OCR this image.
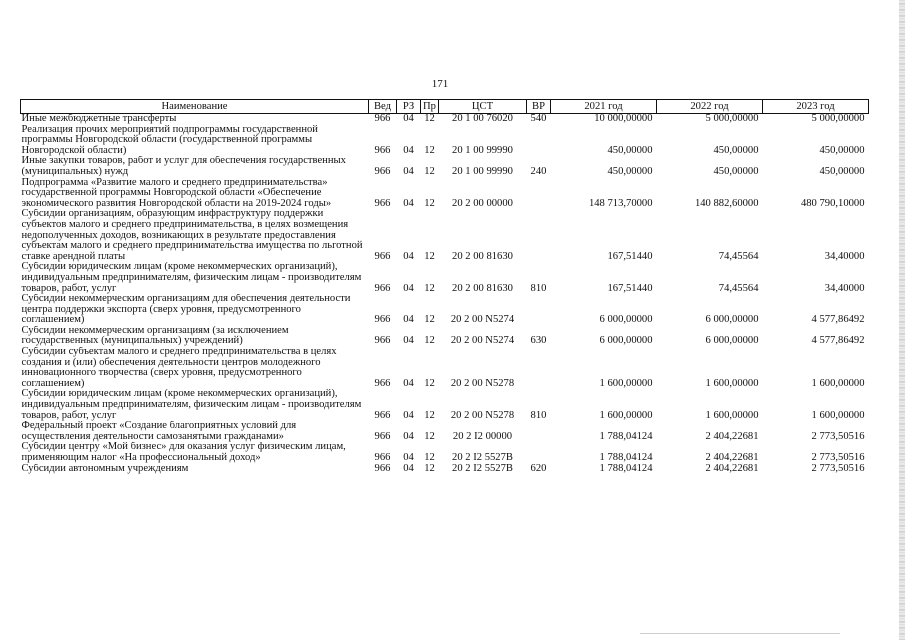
171
Наименование	Вед	РЗ	Пр	ЦСТ	ВР	2021 год	2022 год	2023 год
Иные межбюджетные трансферты	966	04	12	20 1 00 76020	540	10 000,00000	5 000,00000	5 000,00000
Реализация прочих мероприятий подпрограммы государственной программы Новгородской области (государственной программы Новгородской области)	966	04	12	20 1 00 99990		450,00000	450,00000	450,00000
Иные закупки товаров, работ и услуг для обеспечения государственных (муниципальных) нужд	966	04	12	20 1 00 99990	240	450,00000	450,00000	450,00000
Подпрограмма «Развитие малого и среднего предпринимательства» государственной программы Новгородской области «Обеспечение экономического развития Новгородской области на 2019-2024 годы»	966	04	12	20 2 00 00000		148 713,70000	140 882,60000	480 790,10000
Субсидии организациям, образующим инфраструктуру поддержки субъектов малого и среднего предпринимательства, в целях возмещения недополученных доходов, возникающих в результате предоставления субъектам малого и среднего предпринимательства имущества по льготной ставке арендной платы	966	04	12	20 2 00 81630		167,51440	74,45564	34,40000
Субсидии юридическим лицам (кроме некоммерческих организаций), индивидуальным предпринимателям, физическим лицам - производителям товаров, работ, услуг	966	04	12	20 2 00 81630	810	167,51440	74,45564	34,40000
Субсидии некоммерческим организациям для обеспечения деятельности центра поддержки экспорта (сверх уровня, предусмотренного соглашением)	966	04	12	20 2 00 N5274		6 000,00000	6 000,00000	4 577,86492
Субсидии некоммерческим организациям (за исключением государственных (муниципальных) учреждений)	966	04	12	20 2 00 N5274	630	6 000,00000	6 000,00000	4 577,86492
Субсидии субъектам малого и среднего предпринимательства в целях создания и (или) обеспечения деятельности центров молодежного инновационного творчества (сверх уровня, предусмотренного соглашением)	966	04	12	20 2 00 N5278		1 600,00000	1 600,00000	1 600,00000
Субсидии юридическим лицам (кроме некоммерческих организаций), индивидуальным предпринимателям, физическим лицам - производителям товаров, работ, услуг	966	04	12	20 2 00 N5278	810	1 600,00000	1 600,00000	1 600,00000
Федеральный проект «Создание благоприятных условий для осуществления деятельности самозанятыми гражданами»	966	04	12	20 2 I2 00000		1 788,04124	2 404,22681	2 773,50516
Субсидии центру «Мой бизнес» для оказания услуг физическим лицам, применяющим налог «На профессиональный доход»	966	04	12	20 2 I2 5527B		1 788,04124	2 404,22681	2 773,50516
Субсидии автономным учреждениям	966	04	12	20 2 I2 5527B	620	1 788,04124	2 404,22681	2 773,50516
